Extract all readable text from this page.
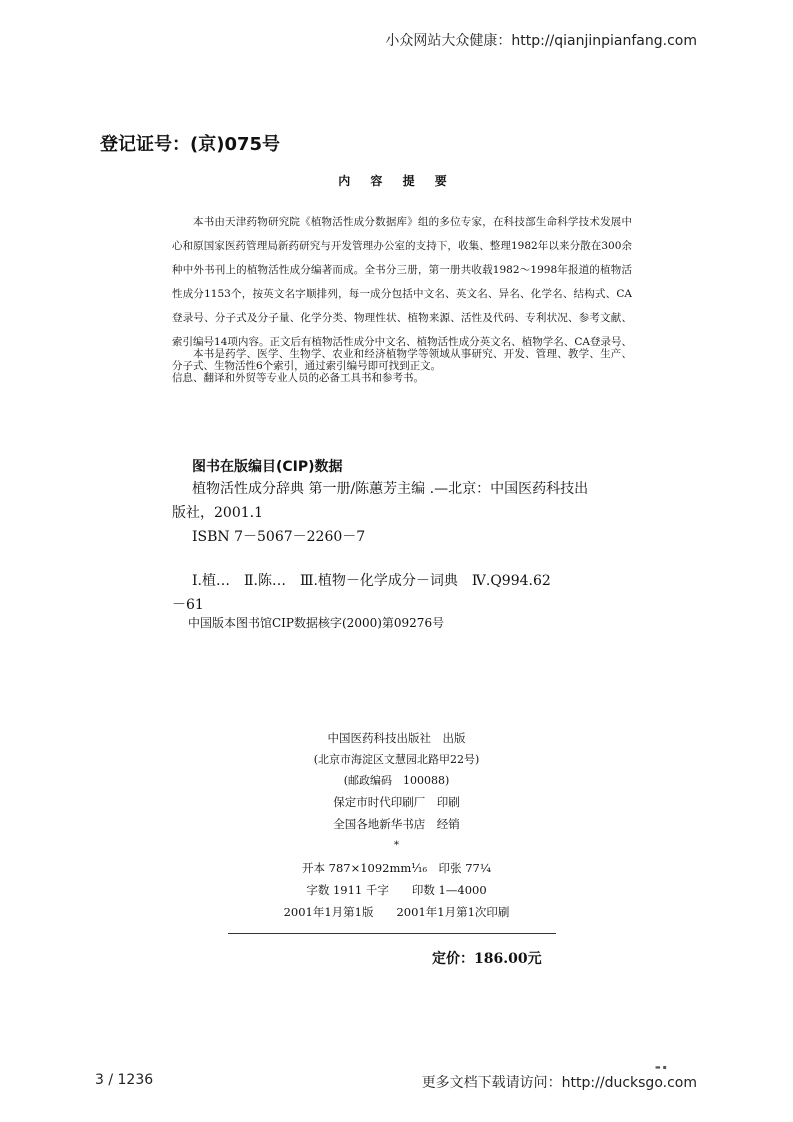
小众网站大众健康：http://qianjinpianfang.com
登记证号：(京)075号
内 容 提 要
本书由天津药物研究院《植物活性成分数据库》组的多位专家，在科技部生命科学技术发展中心和原国家医药管理局新药研究与开发管理办公室的支持下，收集、整理1982年以来分散在300余种中外书刊上的植物活性成分编著而成。全书分三册，第一册共收载1982～1998年报道的植物活性成分1153个，按英文名字顺排列，每一成分包括中文名、英文名、异名、化学名、结构式、CA登录号、分子式及分子量、化学分类、物理性状、植物来源、活性及代码、专利状况、参考文献、索引编号14项内容。正文后有植物活性成分中文名、植物活性成分英文名、植物学名、CA登录号、分子式、生物活性6个索引，通过索引编号即可找到正文。
本书是药学、医学、生物学、农业和经济植物学等领域从事研究、开发、管理、教学、生产、信息、翻译和外贸等专业人员的必备工具书和参考书。
图书在版编目(CIP)数据
植物活性成分辞典 第一册/陈蕙芳主编 .—北京：中国医药科技出
版社，2001.1
ISBN 7－5067－2260－7
Ⅰ.植…　Ⅱ.陈…　Ⅲ.植物－化学成分－词典　Ⅳ.Q994.62
－61
中国版本图书馆CIP数据核字(2000)第09276号
中国医药科技出版社　出版
(北京市海淀区文慧园北路甲22号)
(邮政编码　100088)
保定市时代印刷厂　印刷
全国各地新华书店　经销
*
开本 787×1092mm¹⁄₁₆　印张 77¼
字数 1911 千字　　印数 1—4000
2001年1月第1版　　2001年1月第1次印刷
定价：186.00元
▬ ▪
3 / 1236	更多文档下载请访问：http://ducksgo.com
